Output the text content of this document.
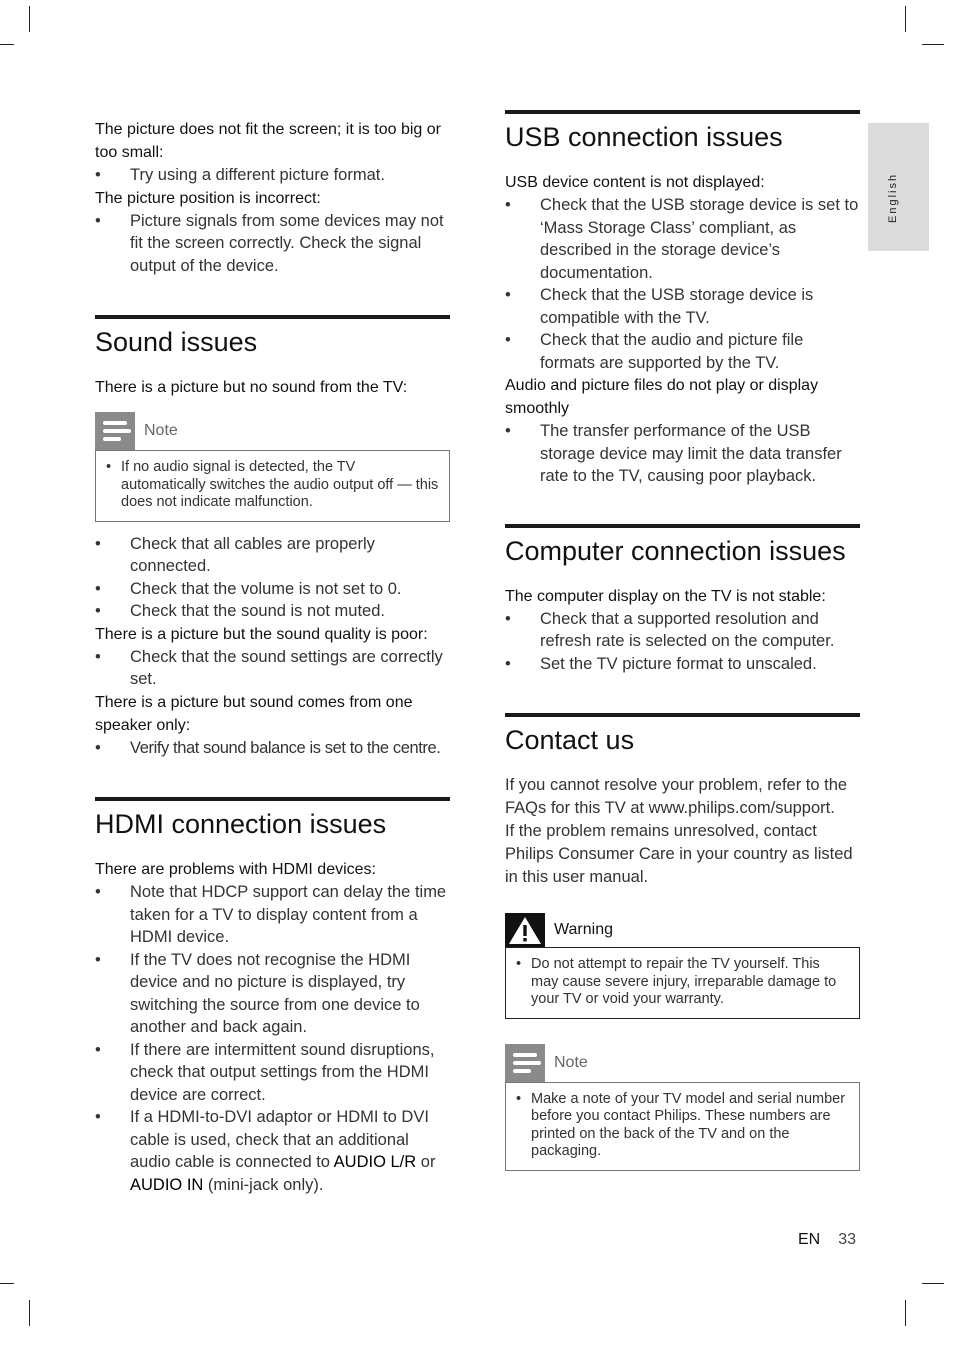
English

The picture does not fit the screen; it is too big or too small:

• Try using a different picture format.

The picture position is incorrect:

• Picture signals from some devices may not fit the screen correctly. Check the signal output of the device.
Sound issues

There is a picture but no sound from the TV:

Note
• If no audio signal is detected, the TV automatically switches the audio output off — this does not indicate malfunction.
• Check that all cables are properly connected.
• Check that the volume is not set to 0.
• Check that the sound is not muted.

There is a picture but the sound quality is poor:

• Check that the sound settings are correctly set.

There is a picture but sound comes from one speaker only:

• Verify that sound balance is set to the centre.
HDMI connection issues

There are problems with HDMI devices:

• Note that HDCP support can delay the time taken for a TV to display content from a HDMI device.
• If the TV does not recognise the HDMI device and no picture is displayed, try switching the source from one device to another and back again.
• If there are intermittent sound disruptions, check that output settings from the HDMI device are correct.
• If a HDMI-to-DVI adaptor or HDMI to DVI cable is used, check that an additional audio cable is connected to AUDIO L/R or AUDIO IN (mini-jack only).
USB connection issues

USB device content is not displayed:

• Check that the USB storage device is set to ‘Mass Storage Class’ compliant, as described in the storage device’s documentation.
• Check that the USB storage device is compatible with the TV.
• Check that the audio and picture file formats are supported by the TV.

Audio and picture files do not play or display smoothly

• The transfer performance of the USB storage device may limit the data transfer rate to the TV, causing poor playback.
Computer connection issues

The computer display on the TV is not stable:

• Check that a supported resolution and refresh rate is selected on the computer.
• Set the TV picture format to unscaled.
Contact us

If you cannot resolve your problem, refer to the FAQs for this TV at www.philips.com/support.

If the problem remains unresolved, contact Philips Consumer Care in your country as listed in this user manual.

Warning
• Do not attempt to repair the TV yourself. This may cause severe injury, irreparable damage to your TV or void your warranty.
Note
• Make a note of your TV model and serial number before you contact Philips. These numbers are printed on the back of the TV and on the packaging.
EN 33
